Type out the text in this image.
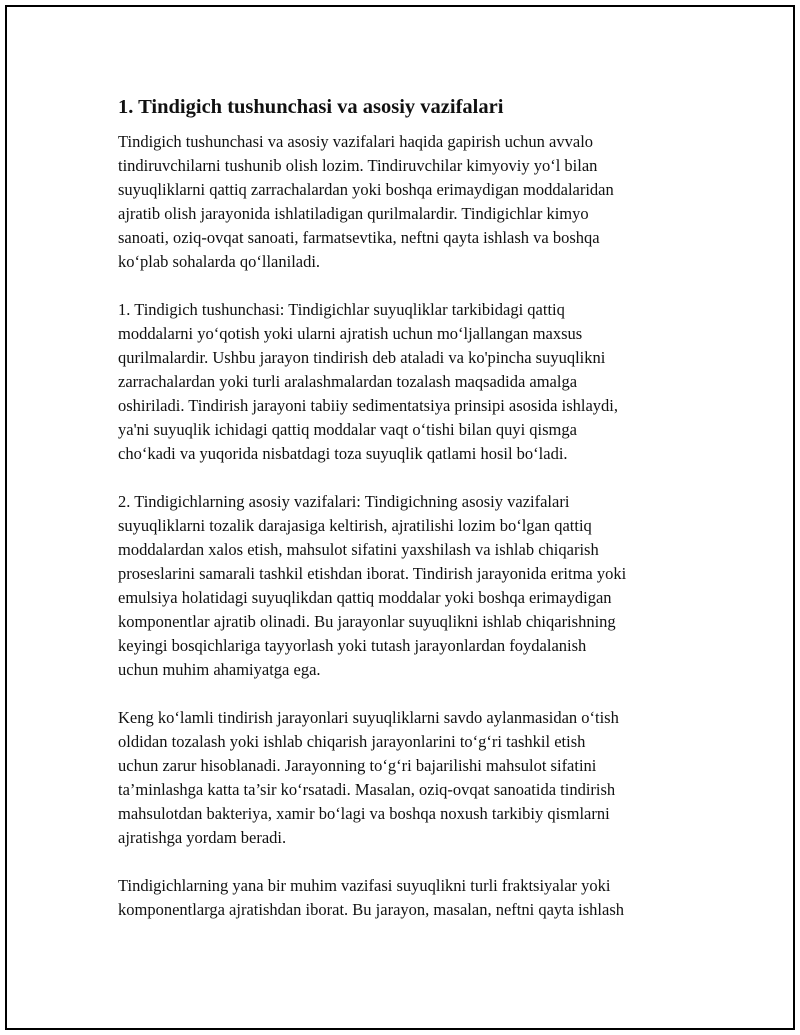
1. Tindigich tushunchasi va asosiy vazifalari

Tindigich tushunchasi va asosiy vazifalari haqida gapirish uchun avvalo
tindiruvchilarni tushunib olish lozim. Tindiruvchilar kimyoviy yo‘l bilan
suyuqliklarni qattiq zarrachalardan yoki boshqa erimaydigan moddalaridan
ajratib olish jarayonida ishlatiladigan qurilmalardir. Tindigichlar kimyo
sanoati, oziq-ovqat sanoati, farmatsevtika, neftni qayta ishlash va boshqa
ko‘plab sohalarda qo‘llaniladi.

1. Tindigich tushunchasi: Tindigichlar suyuqliklar tarkibidagi qattiq
moddalarni yo‘qotish yoki ularni ajratish uchun mo‘ljallangan maxsus
qurilmalardir. Ushbu jarayon tindirish deb ataladi va ko'pincha suyuqlikni
zarrachalardan yoki turli aralashmalardan tozalash maqsadida amalga
oshiriladi. Tindirish jarayoni tabiiy sedimentatsiya prinsipi asosida ishlaydi,
ya'ni suyuqlik ichidagi qattiq moddalar vaqt o‘tishi bilan quyi qismga
cho‘kadi va yuqorida nisbatdagi toza suyuqlik qatlami hosil bo‘ladi.

2. Tindigichlarning asosiy vazifalari: Tindigichning asosiy vazifalari
suyuqliklarni tozalik darajasiga keltirish, ajratilishi lozim bo‘lgan qattiq
moddalardan xalos etish, mahsulot sifatini yaxshilash va ishlab chiqarish
proseslarini samarali tashkil etishdan iborat. Tindirish jarayonida eritma yoki
emulsiya holatidagi suyuqlikdan qattiq moddalar yoki boshqa erimaydigan
komponentlar ajratib olinadi. Bu jarayonlar suyuqlikni ishlab chiqarishning
keyingi bosqichlariga tayyorlash yoki tutash jarayonlardan foydalanish
uchun muhim ahamiyatga ega.

Keng ko‘lamli tindirish jarayonlari suyuqliklarni savdo aylanmasidan o‘tish
oldidan tozalash yoki ishlab chiqarish jarayonlarini to‘g‘ri tashkil etish
uchun zarur hisoblanadi. Jarayonning to‘g‘ri bajarilishi mahsulot sifatini
ta’minlashga katta ta’sir ko‘rsatadi. Masalan, oziq-ovqat sanoatida tindirish
mahsulotdan bakteriya, xamir bo‘lagi va boshqa noxush tarkibiy qismlarni
ajratishga yordam beradi.

Tindigichlarning yana bir muhim vazifasi suyuqlikni turli fraktsiyalar yoki
komponentlarga ajratishdan iborat. Bu jarayon, masalan, neftni qayta ishlash
